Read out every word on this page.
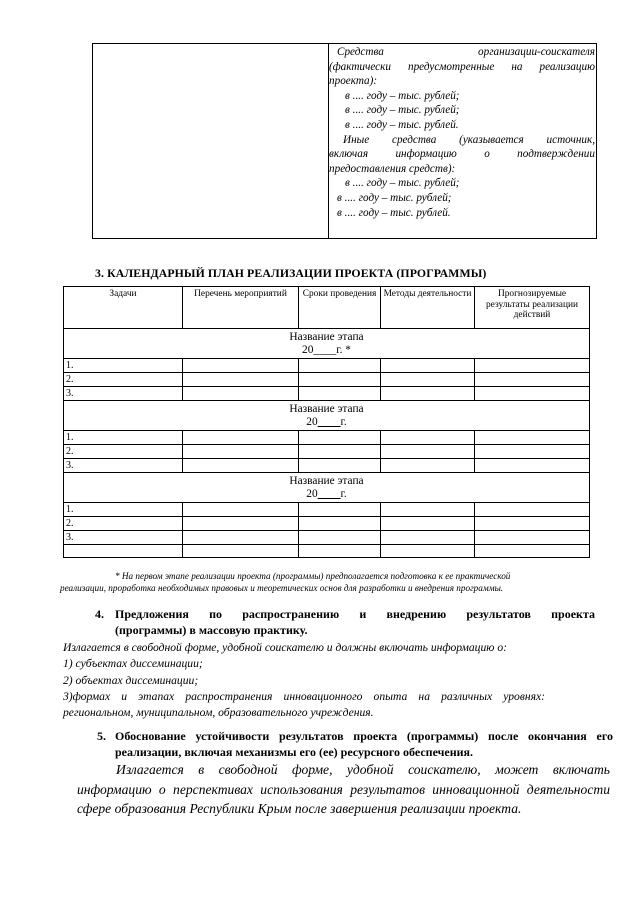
Средства организации-соискателя
(фактически предусмотренные на реализацию
проекта):
в .... году – тыс. рублей;
в .... году – тыс. рублей;
в .... году – тыс. рублей.
Иные средства (указывается источник,
включая информацию о подтверждении
предоставления средств):
в .... году – тыс. рублей;
в .... году – тыс. рублей;
в .... году – тыс. рублей.
3. КАЛЕНДАРНЫЙ ПЛАН РЕАЛИЗАЦИИ ПРОЕКТА (ПРОГРАММЫ)
Задачи	Перечень мероприятий	Сроки проведения	Методы деятельности	Прогнозируемые результаты реализации действий

Название этапа
20____г. *				

1.				
2.				
3.				

Название этапа
20____г.				

1.				
2.				
3.				

Название этапа
20____г.				

1.				
2.				
3.				

* На первом этапе реализации проекта (программы) предполагается подготовка к ее практической
реализации, проработка необходимых правовых и теоретических основ для разработки и внедрения программы.
4. Предложения по распространению и внедрению результатов проекта
(программы) в массовую практику.
Излагается в свободной форме, удобной соискателю и должны включать информацию о:
1) субъектах диссеминации;
2) объектах диссеминации;
3)формах и этапах распространения инновационного опыта на различных уровнях:
региональном, муниципальном, образовательного учреждения.
5. Обоснование устойчивости результатов проекта (программы) после окончания его
реализации, включая механизмы его (ее) ресурсного обеспечения.
Излагается в свободной форме, удобной соискателю, может включать
информацию о перспективах использования результатов инновационной деятельности
сфере образования Республики Крым после завершения реализации проекта.
